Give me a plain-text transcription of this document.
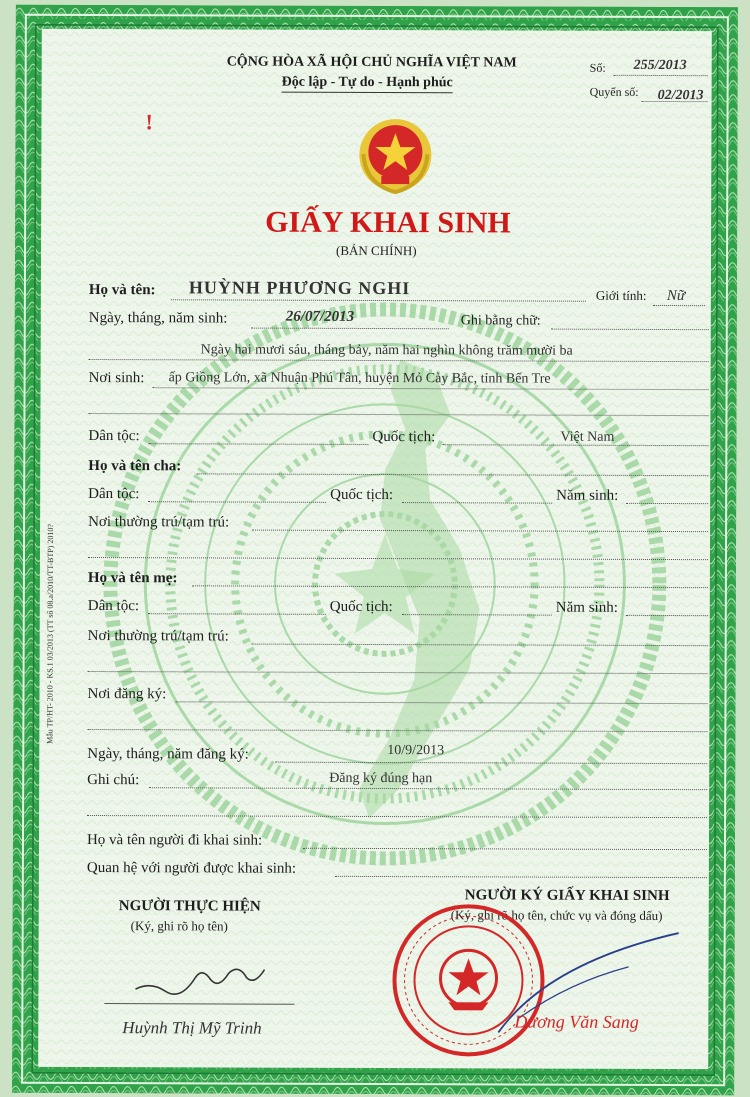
Mẫu TP/HT- 2010 - KS.1 03/2013 (TT số 08.a/2010/TT-BTP) 2010?
CỘNG HÒA XÃ HỘI CHỦ NGHĨA VIỆT NAM
Độc lập - Tự do - Hạnh phúc
Số: 255/2013
Quyển số: 02/2013
!
GIẤY KHAI SINH
(BẢN CHÍNH)
Họ và tên: HUỲNH PHƯƠNG NGHI	Giới tính: Nữ
Ngày, tháng, năm sinh:	26/07/2013	Ghi bằng chữ:
Ngày hai mươi sáu, tháng bảy, năm hai nghìn không trăm mười ba
Nơi sinh: ấp Giồng Lớn, xã Nhuận Phú Tân, huyện Mỏ Cày Bắc, tỉnh Bến Tre
Dân tộc:	Quốc tịch:	Việt Nam
Họ và tên cha:
Dân tộc:	Quốc tịch:	Năm sinh:
Nơi thường trú/tạm trú:
Họ và tên mẹ:
Dân tộc:	Quốc tịch:	Năm sinh:
Nơi thường trú/tạm trú:
Nơi đăng ký:
Ngày, tháng, năm đăng ký:	10/9/2013
Ghi chú:	Đăng ký đúng hạn
Họ và tên người đi khai sinh:
Quan hệ với người được khai sinh:
NGƯỜI THỰC HIỆN
(Ký, ghi rõ họ tên)
Huỳnh Thị Mỹ Trinh
NGƯỜI KÝ GIẤY KHAI SINH
(Ký, ghi rõ họ tên, chức vụ và đóng dấu)
Dương Văn Sang
